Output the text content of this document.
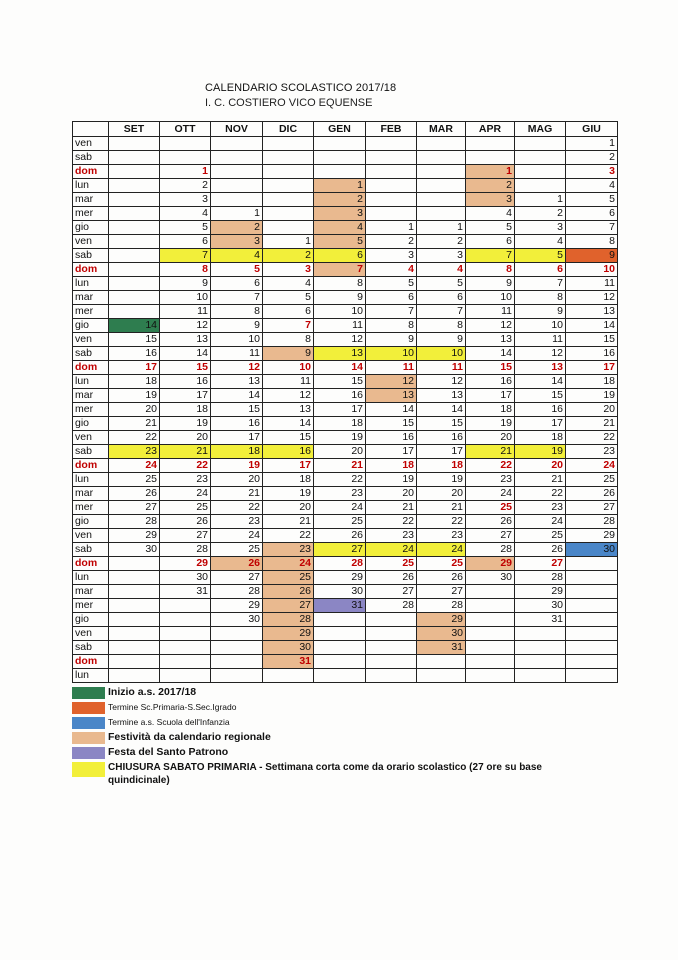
CALENDARIO SCOLASTICO 2017/18
I. C. COSTIERO VICO EQUENSE
	SET	OTT	NOV	DIC	GEN	FEB	MAR	APR	MAG	GIU
ven										1
sab										2
dom		1						1		3
lun		2			1			2		4
mar		3			2			3	1	5
mer		4	1		3			4	2	6
gio		5	2		4	1	1	5	3	7
ven		6	3	1	5	2	2	6	4	8
sab		7	4	2	6	3	3	7	5	9
dom		8	5	3	7	4	4	8	6	10
lun		9	6	4	8	5	5	9	7	11
mar		10	7	5	9	6	6	10	8	12
mer		11	8	6	10	7	7	11	9	13
gio	14	12	9	7	11	8	8	12	10	14
ven	15	13	10	8	12	9	9	13	11	15
sab	16	14	11	9	13	10	10	14	12	16
dom	17	15	12	10	14	11	11	15	13	17
lun	18	16	13	11	15	12	12	16	14	18
mar	19	17	14	12	16	13	13	17	15	19
mer	20	18	15	13	17	14	14	18	16	20
gio	21	19	16	14	18	15	15	19	17	21
ven	22	20	17	15	19	16	16	20	18	22
sab	23	21	18	16	20	17	17	21	19	23
dom	24	22	19	17	21	18	18	22	20	24
lun	25	23	20	18	22	19	19	23	21	25
mar	26	24	21	19	23	20	20	24	22	26
mer	27	25	22	20	24	21	21	25	23	27
gio	28	26	23	21	25	22	22	26	24	28
ven	29	27	24	22	26	23	23	27	25	29
sab	30	28	25	23	27	24	24	28	26	30
dom		29	26	24	28	25	25	29	27	
lun		30	27	25	29	26	26	30	28	
mar		31	28	26	30	27	27		29	
mer			29	27	31	28	28		30	
gio			30	28			29		31	
ven				29			30			
sab				30			31			
dom				31						
lun										
Inizio a.s. 2017/18
Termine Sc.Primaria-S.Sec.Igrado
Termine a.s. Scuola dell'Infanzia
Festività da calendario regionale
Festa del Santo Patrono
CHIUSURA SABATO PRIMARIA - Settimana corta come da orario scolastico (27 ore su base quindicinale)
